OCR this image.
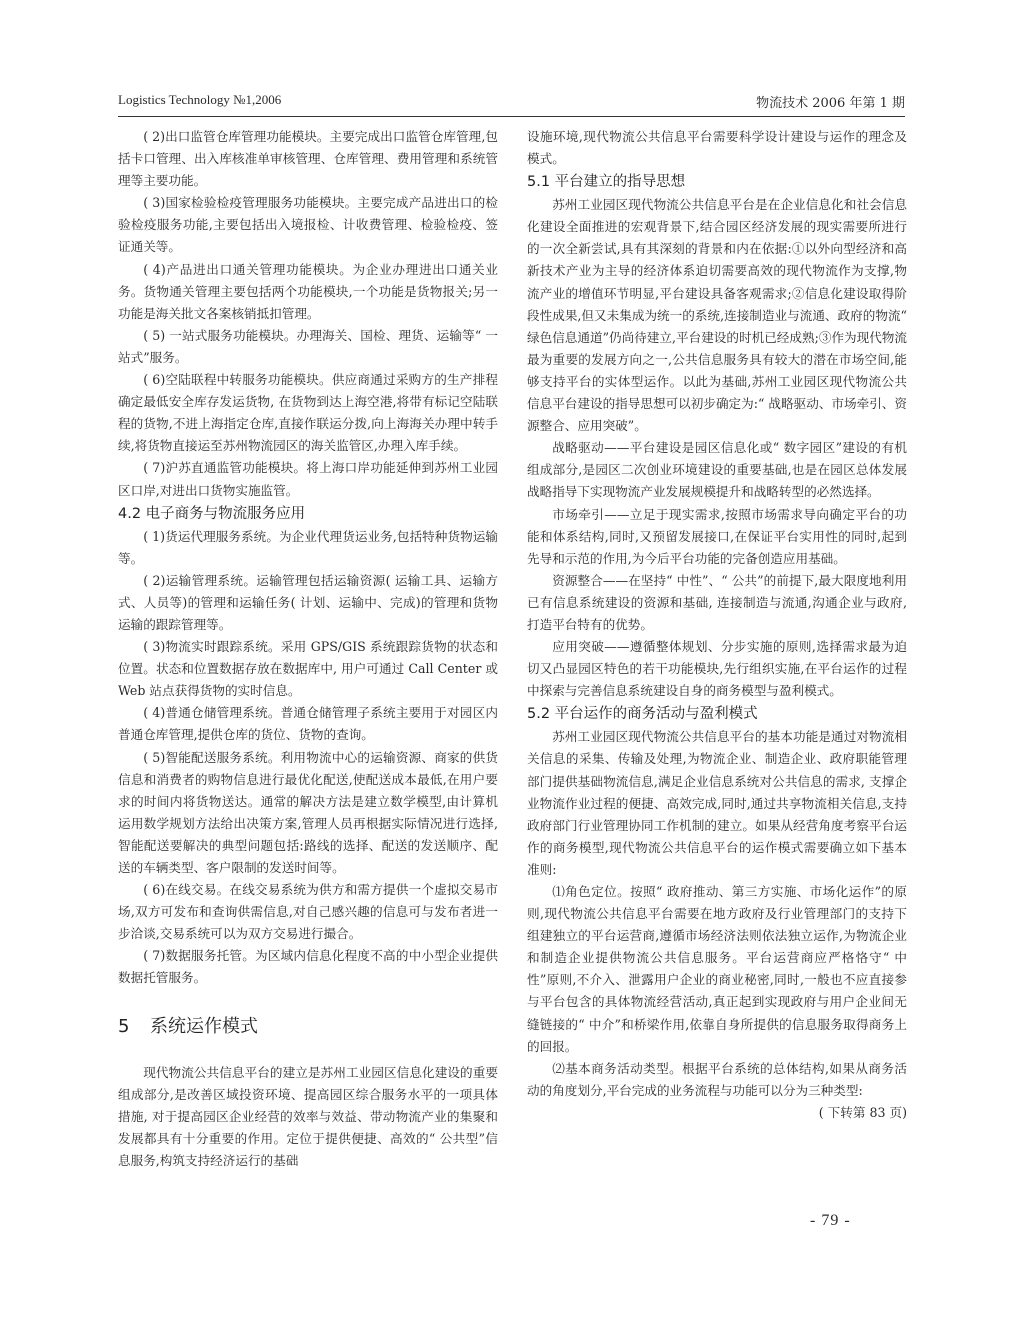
Logistics Technology №1,2006	物流技术 2006 年第 1 期

( 2)出口监管仓库管理功能模块。主要完成出口监管仓库管理,包括卡口管理、出入库核准单审核管理、仓库管理、费用管理和系统管理等主要功能。

( 3)国家检验检疫管理服务功能模块。主要完成产品进出口的检验检疫服务功能,主要包括出入境报检、计收费管理、检验检疫、签证通关等。

( 4)产品进出口通关管理功能模块。为企业办理进出口通关业务。货物通关管理主要包括两个功能模块,一个功能是货物报关;另一功能是海关批文各案核销抵扣管理。

( 5) 一站式服务功能模块。办理海关、国检、理货、运输等“ 一站式”服务。

( 6)空陆联程中转服务功能模块。供应商通过采购方的生产排程确定最低安全库存发运货物, 在货物到达上海空港,将带有标记空陆联程的货物,不进上海指定仓库,直接作联运分拨,向上海海关办理中转手续,将货物直接运至苏州物流园区的海关监管区,办理入库手续。

( 7)沪苏直通监管功能模块。将上海口岸功能延伸到苏州工业园区口岸,对进出口货物实施监管。

4.2 电子商务与物流服务应用

( 1)货运代理服务系统。为企业代理货运业务,包括特种货物运输等。

( 2)运输管理系统。运输管理包括运输资源( 运输工具、运输方式、人员等)的管理和运输任务( 计划、运输中、完成)的管理和货物运输的跟踪管理等。

( 3)物流实时跟踪系统。采用 GPS/GIS 系统跟踪货物的状态和位置。状态和位置数据存放在数据库中, 用户可通过 Call Center 或 Web 站点获得货物的实时信息。

( 4)普通仓储管理系统。普通仓储管理子系统主要用于对园区内普通仓库管理,提供仓库的货位、货物的查询。

( 5)智能配送服务系统。利用物流中心的运输资源、商家的供货信息和消费者的购物信息进行最优化配送,使配送成本最低,在用户要求的时间内将货物送达。通常的解决方法是建立数学模型,由计算机运用数学规划方法给出决策方案,管理人员再根据实际情况进行选择,智能配送要解决的典型问题包括:路线的选择、配送的发送顺序、配送的车辆类型、客户限制的发送时间等。

( 6)在线交易。在线交易系统为供方和需方提供一个虚拟交易市场,双方可发布和查询供需信息,对自己感兴趣的信息可与发布者进一步洽谈,交易系统可以为双方交易进行撮合。

( 7)数据服务托管。为区域内信息化程度不高的中小型企业提供数据托管服务。

5 系统运作模式

现代物流公共信息平台的建立是苏州工业园区信息化建设的重要组成部分,是改善区域投资环境、提高园区综合服务水平的一项具体措施, 对于提高园区企业经营的效率与效益、带动物流产业的集聚和发展都具有十分重要的作用。定位于提供便捷、高效的“ 公共型”信息服务,构筑支持经济运行的基础

设施环境,现代物流公共信息平台需要科学设计建设与运作的理念及模式。

5.1 平台建立的指导思想

苏州工业园区现代物流公共信息平台是在企业信息化和社会信息化建设全面推进的宏观背景下,结合园区经济发展的现实需要所进行的一次全新尝试,具有其深刻的背景和内在依据:①以外向型经济和高新技术产业为主导的经济体系迫切需要高效的现代物流作为支撑,物流产业的增值环节明显,平台建设具备客观需求;②信息化建设取得阶段性成果,但又未集成为统一的系统,连接制造业与流通、政府的物流“ 绿色信息通道”仍尚待建立,平台建设的时机已经成熟;③作为现代物流最为重要的发展方向之一,公共信息服务具有较大的潜在市场空间,能够支持平台的实体型运作。以此为基础,苏州工业园区现代物流公共信息平台建设的指导思想可以初步确定为:“ 战略驱动、市场牵引、资源整合、应用突破”。

战略驱动——平台建设是园区信息化或“ 数字园区”建设的有机组成部分,是园区二次创业环境建设的重要基础,也是在园区总体发展战略指导下实现物流产业发展规模提升和战略转型的必然选择。

市场牵引——立足于现实需求,按照市场需求导向确定平台的功能和体系结构,同时,又预留发展接口,在保证平台实用性的同时,起到先导和示范的作用,为今后平台功能的完备创造应用基础。

资源整合——在坚持“ 中性”、“ 公共”的前提下,最大限度地利用已有信息系统建设的资源和基础, 连接制造与流通,沟通企业与政府,打造平台特有的优势。

应用突破——遵循整体规划、分步实施的原则,选择需求最为迫切又凸显园区特色的若干功能模块,先行组织实施,在平台运作的过程中探索与完善信息系统建设自身的商务模型与盈利模式。

5.2 平台运作的商务活动与盈利模式

苏州工业园区现代物流公共信息平台的基本功能是通过对物流相关信息的采集、传输及处理,为物流企业、制造企业、政府职能管理部门提供基础物流信息,满足企业信息系统对公共信息的需求, 支撑企业物流作业过程的便捷、高效完成,同时,通过共享物流相关信息,支持政府部门行业管理协同工作机制的建立。如果从经营角度考察平台运作的商务模型,现代物流公共信息平台的运作模式需要确立如下基本准则:

⑴角色定位。按照“ 政府推动、第三方实施、市场化运作”的原则,现代物流公共信息平台需要在地方政府及行业管理部门的支持下组建独立的平台运营商,遵循市场经济法则依法独立运作,为物流企业和制造企业提供物流公共信息服务。平台运营商应严格恪守“ 中性”原则,不介入、泄露用户企业的商业秘密,同时,一般也不应直接参与平台包含的具体物流经营活动,真正起到实现政府与用户企业间无缝链接的“ 中介”和桥梁作用,依靠自身所提供的信息服务取得商务上的回报。

⑵基本商务活动类型。根据平台系统的总体结构,如果从商务活动的角度划分,平台完成的业务流程与功能可以分为三种类型:

( 下转第 83 页)

- 79 -
